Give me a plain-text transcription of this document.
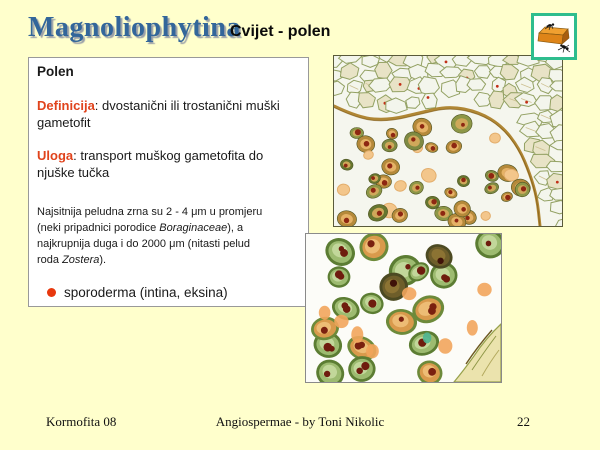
Magnoliophytina
Cvijet - polen
Polen
Definicija: dvostanični ili trostanični muški
gametofit
Uloga: transport muškog gametofita do
njuške tučka
Najsitnija peludna zrna su 2 - 4 μm u promjeru
(neki pripadnici porodice Boraginaceae), a
najkrupnija duga i do 2000 μm (nitasti pelud
roda Zostera).
sporoderma (intina, eksina)
Kormofita 08	Angiospermae - by Toni Nikolic	22
